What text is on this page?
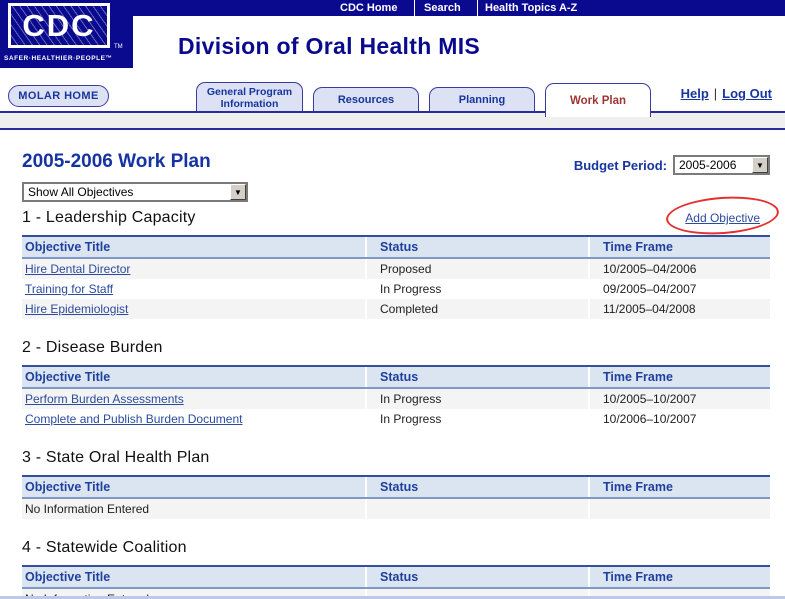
CDC Home Search Health Topics A-Z
CDC
TM
SAFER·HEALTHIER·PEOPLE™	Division of Oral Health MIS
MOLAR HOME	General Program Information	Resources	Planning	Work Plan	Help | Log Out
2005-2006 Work Plan	Budget Period: 2005-2006	▼
Show All Objectives	▼
1 - Leadership Capacity	Add Objective
Objective Title	Status	Time Frame
Hire Dental Director	Proposed	10/2005–04/2006
Training for Staff	In Progress	09/2005–04/2007
Hire Epidemiologist	Completed	11/2005–04/2008
2 - Disease Burden
Objective Title	Status	Time Frame
Perform Burden Assessments	In Progress	10/2005–10/2007
Complete and Publish Burden Document	In Progress	10/2006–10/2007
3 - State Oral Health Plan
Objective Title	Status	Time Frame
No Information Entered
4 - Statewide Coalition
Objective Title	Status	Time Frame
